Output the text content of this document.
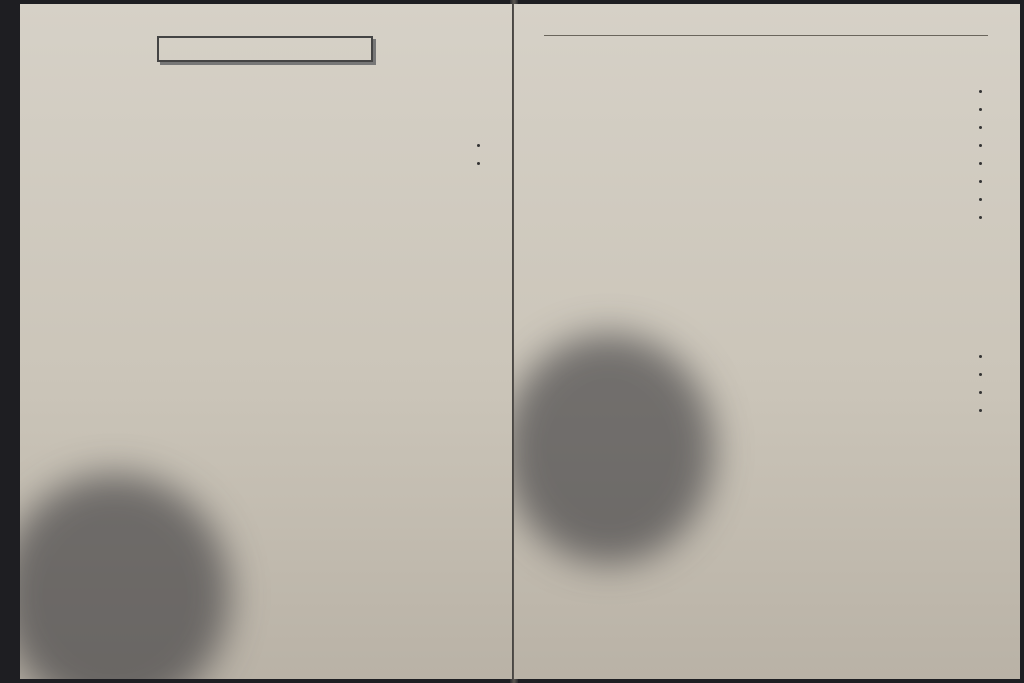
•
•

•
•
•
•
•
•
•
•

•
•
•
•
